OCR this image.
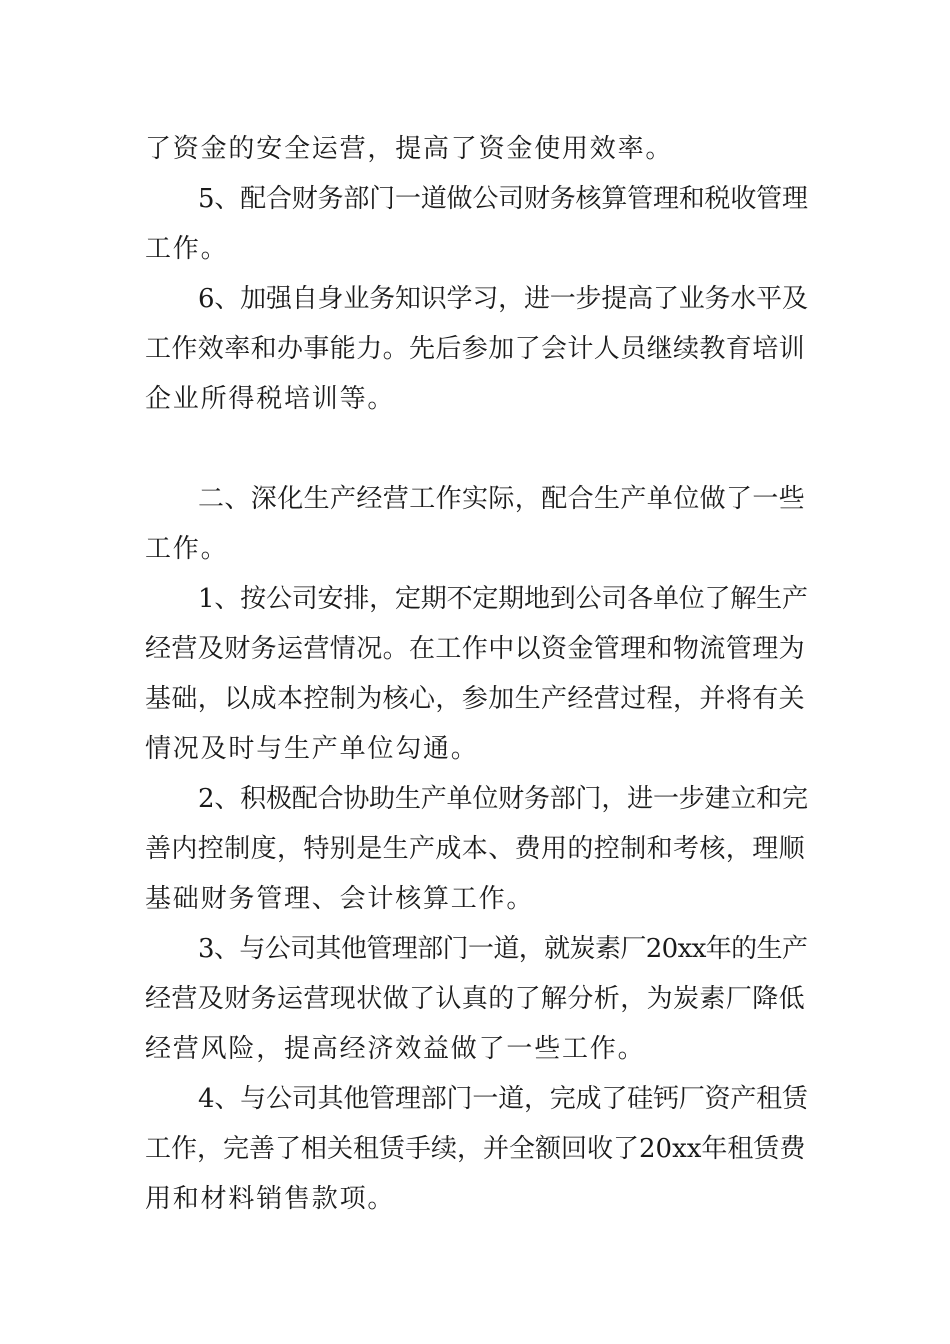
了资金的安全运营，提高了资金使用效率。

5、配合财务部门一道做公司财务核算管理和税收管理

工作。

6、加强自身业务知识学习，进一步提高了业务水平及

工作效率和办事能力。先后参加了会计人员继续教育培训

企业所得税培训等。

二、深化生产经营工作实际，配合生产单位做了一些

工作。

1、按公司安排，定期不定期地到公司各单位了解生产

经营及财务运营情况。在工作中以资金管理和物流管理为

基础，以成本控制为核心，参加生产经营过程，并将有关

情况及时与生产单位勾通。

2、积极配合协助生产单位财务部门，进一步建立和完

善内控制度，特别是生产成本、费用的控制和考核，理顺

基础财务管理、会计核算工作。

3、与公司其他管理部门一道，就炭素厂20xx年的生产

经营及财务运营现状做了认真的了解分析，为炭素厂降低

经营风险，提高经济效益做了一些工作。

4、与公司其他管理部门一道，完成了硅钙厂资产租赁

工作，完善了相关租赁手续，并全额回收了20xx年租赁费

用和材料销售款项。
